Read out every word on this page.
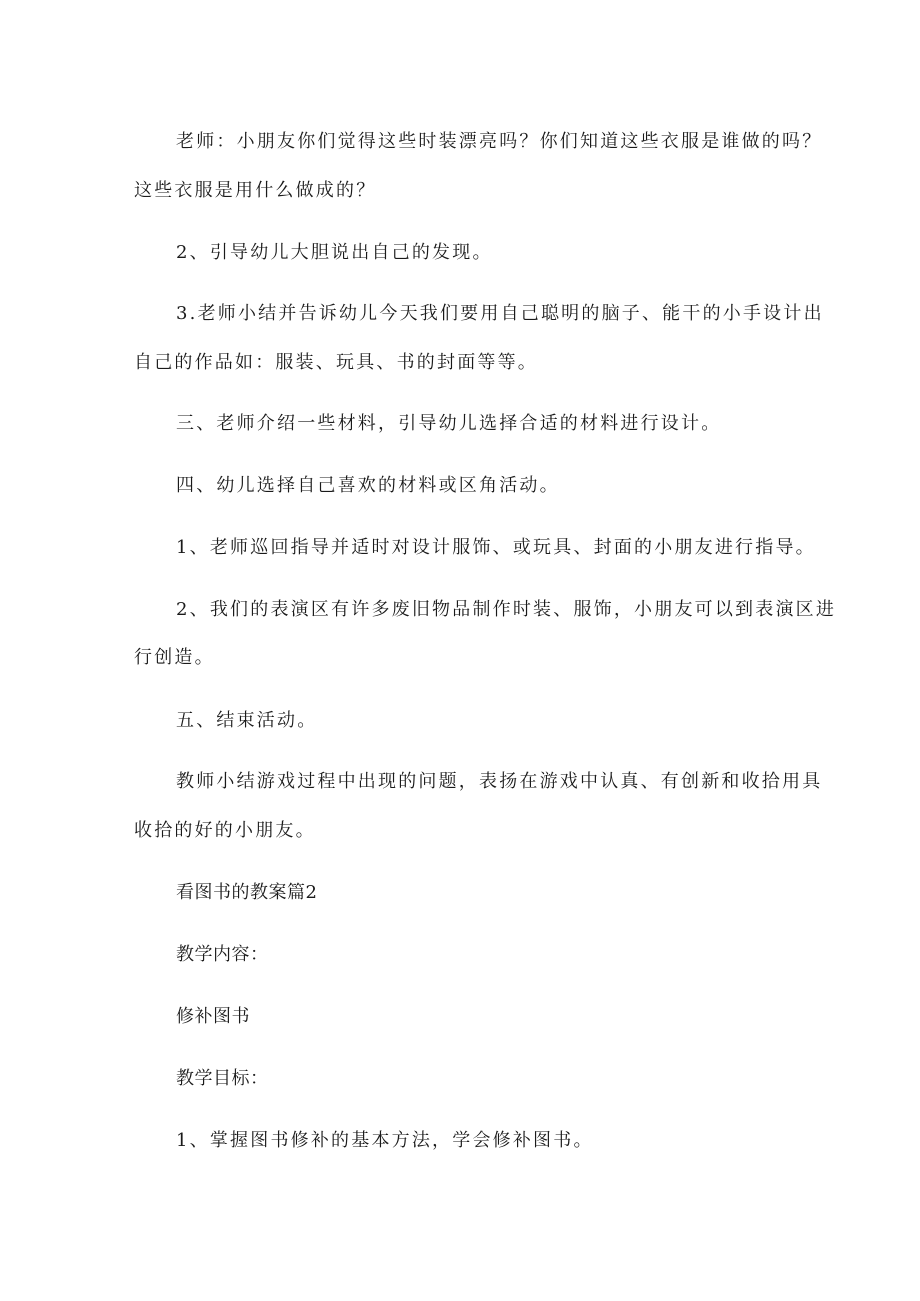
老师：小朋友你们觉得这些时装漂亮吗？你们知道这些衣服是谁做的吗？
这些衣服是用什么做成的？
2、引导幼儿大胆说出自己的发现。
3.老师小结并告诉幼儿今天我们要用自己聪明的脑子、能干的小手设计出
自己的作品如：服装、玩具、书的封面等等。
三、老师介绍一些材料，引导幼儿选择合适的材料进行设计。
四、幼儿选择自己喜欢的材料或区角活动。
1、老师巡回指导并适时对设计服饰、或玩具、封面的小朋友进行指导。
2、我们的表演区有许多废旧物品制作时装、服饰，小朋友可以到表演区进
行创造。
五、结束活动。
教师小结游戏过程中出现的问题，表扬在游戏中认真、有创新和收拾用具
收拾的好的小朋友。
看图书的教案篇2
教学内容：
修补图书
教学目标：
1、掌握图书修补的基本方法，学会修补图书。
